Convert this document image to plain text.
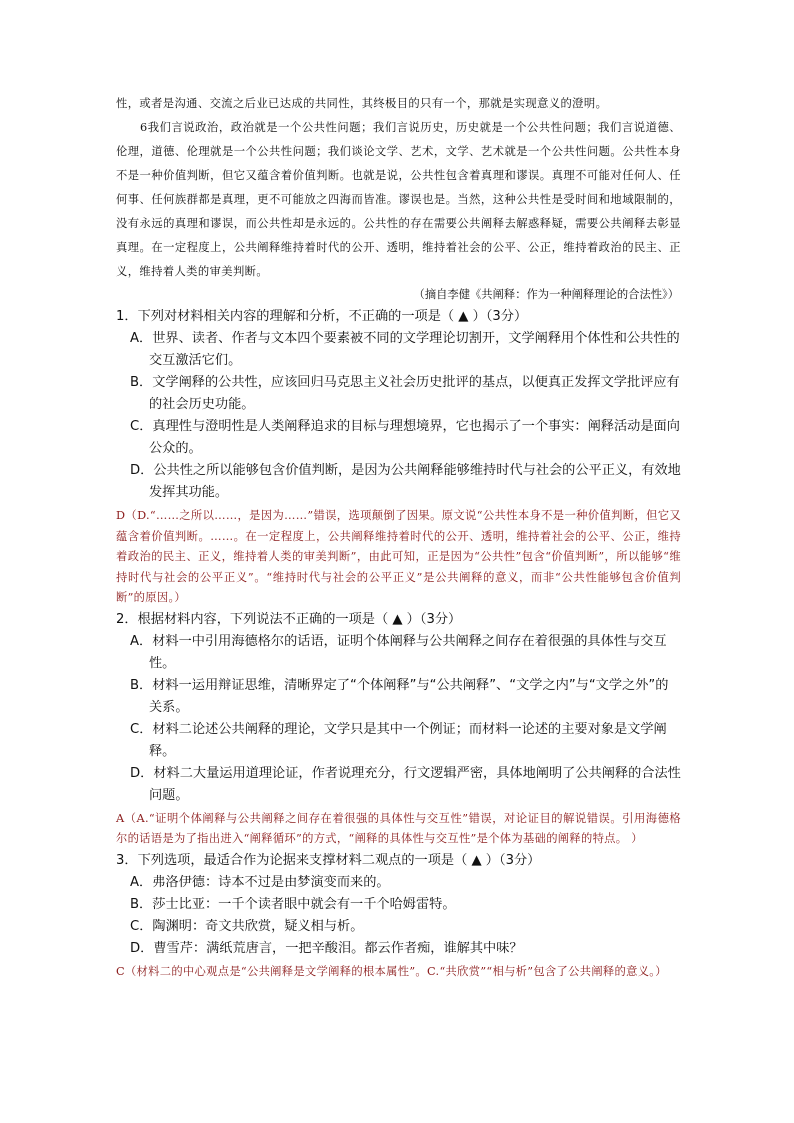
性，或者是沟通、交流之后业已达成的共同性，其终极目的只有一个，那就是实现意义的澄明。

6我们言说政治，政治就是一个公共性问题；我们言说历史，历史就是一个公共性问题；我们言说道德、伦理，道德、伦理就是一个公共性问题；我们谈论文学、艺术，文学、艺术就是一个公共性问题。公共性本身不是一种价值判断，但它又蕴含着价值判断。也就是说，公共性包含着真理和谬误。真理不可能对任何人、任何事、任何族群都是真理，更不可能放之四海而皆准。谬误也是。当然，这种公共性是受时间和地域限制的，没有永远的真理和谬误，而公共性却是永远的。公共性的存在需要公共阐释去解惑释疑，需要公共阐释去彰显真理。在一定程度上，公共阐释维持着时代的公开、透明，维持着社会的公平、公正，维持着政治的民主、正义，维持着人类的审美判断。

（摘自李健《共阐释：作为一种阐释理论的合法性》）

1．下列对材料相关内容的理解和分析，不正确的一项是（ ▲ ）（3分）

A．世界、读者、作者与文本四个要素被不同的文学理论切割开，文学阐释用个体性和公共性的交互激活它们。

B．文学阐释的公共性，应该回归马克思主义社会历史批评的基点，以便真正发挥文学批评应有的社会历史功能。

C．真理性与澄明性是人类阐释追求的目标与理想境界，它也揭示了一个事实：阐释活动是面向公众的。

D．公共性之所以能够包含价值判断，是因为公共阐释能够维持时代与社会的公平正义，有效地发挥其功能。

D（D.“……之所以……，是因为……”错误，选项颠倒了因果。原文说“公共性本身不是一种价值判断，但它又蕴含着价值判断。……。在一定程度上，公共阐释维持着时代的公开、透明，维持着社会的公平、公正，维持着政治的民主、正义，维持着人类的审美判断”，由此可知，正是因为“公共性”包含“价值判断”，所以能够“维持时代与社会的公平正义”。“维持时代与社会的公平正义”是公共阐释的意义，而非“公共性能够包含价值判断”的原因。）

2．根据材料内容，下列说法不正确的一项是（ ▲ ）（3分）

A．材料一中引用海德格尔的话语，证明个体阐释与公共阐释之间存在着很强的具体性与交互性。

B．材料一运用辩证思维，清晰界定了“个体阐释”与“公共阐释”、“文学之内”与“文学之外”的关系。

C．材料二论述公共阐释的理论，文学只是其中一个例证；而材料一论述的主要对象是文学阐释。

D．材料二大量运用道理论证，作者说理充分，行文逻辑严密，具体地阐明了公共阐释的合法性问题。

A（A.“证明个体阐释与公共阐释之间存在着很强的具体性与交互性”错误，对论证目的解说错误。引用海德格尔的话语是为了指出进入“阐释循环”的方式，“阐释的具体性与交互性”是个体为基础的阐释的特点。 ）

3．下列选项，最适合作为论据来支撑材料二观点的一项是（ ▲ ）（3分）

A．弗洛伊德：诗本不过是由梦演变而来的。

B．莎士比亚：一千个读者眼中就会有一千个哈姆雷特。

C．陶渊明：奇文共欣赏，疑义相与析。

D．曹雪芹：满纸荒唐言，一把辛酸泪。都云作者痴，谁解其中味？

C（材料二的中心观点是“公共阐释是文学阐释的根本属性”。C.“共欣赏”“相与析”包含了公共阐释的意义。）
